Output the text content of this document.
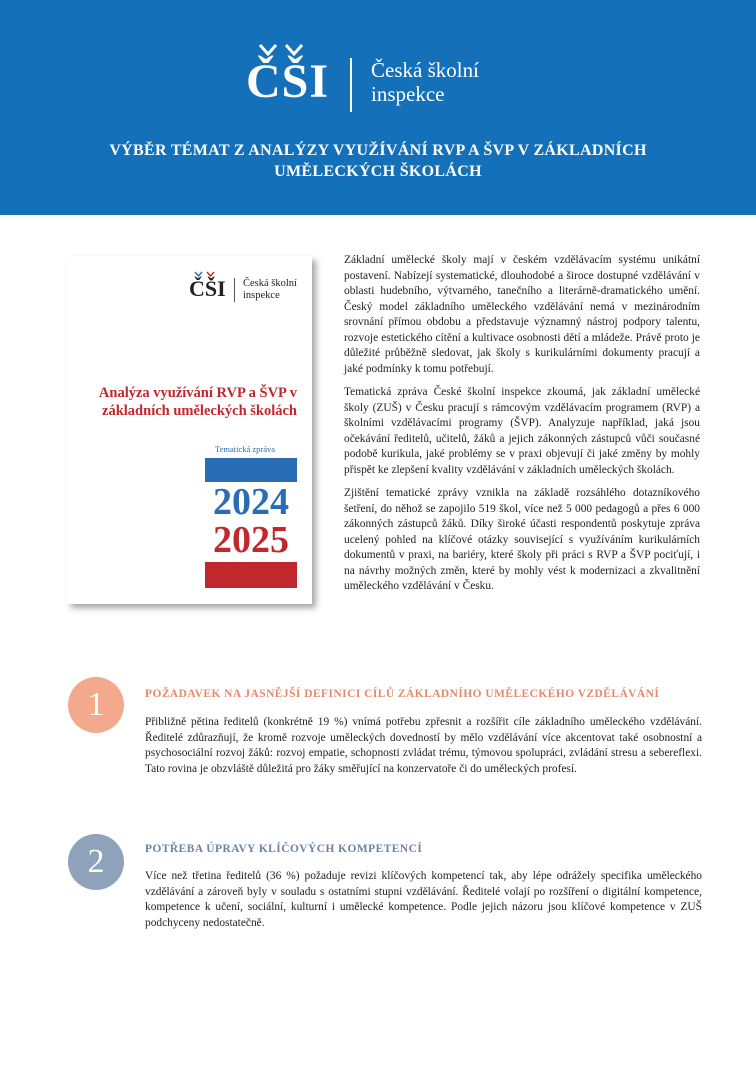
ČŠI Česká školní
inspekce
VÝBĚR TÉMAT Z ANALÝZY VYUŽÍVÁNÍ RVP A ŠVP V ZÁKLADNÍCH UMĚLECKÝCH ŠKOLÁCH
ČŠI Česká školní
inspekce
Analýza využívání RVP a ŠVP v základních uměleckých školách
Tematická zpráva
2024
2025

Základní umělecké školy mají v českém vzdělávacím systému unikátní postavení. Nabízejí systematické, dlouhodobé a široce dostupné vzdělávání v oblasti hudebního, výtvarného, tanečního a literárně-dramatického umění. Český model základního uměleckého vzdělávání nemá v mezinárodním srovnání přímou obdobu a představuje významný nástroj podpory talentu, rozvoje estetického cítění a kultivace osobnosti dětí a mládeže. Právě proto je důležité průběžně sledovat, jak školy s kurikulárními dokumenty pracují a jaké podmínky k tomu potřebují.

Tematická zpráva České školní inspekce zkoumá, jak základní umělecké školy (ZUŠ) v Česku pracují s rámcovým vzdělávacím programem (RVP) a školními vzdělávacími programy (ŠVP). Analyzuje například, jaká jsou očekávání ředitelů, učitelů, žáků a jejich zákonných zástupců vůči současné podobě kurikula, jaké problémy se v praxi objevují či jaké změny by mohly přispět ke zlepšení kvality vzdělávání v základních uměleckých školách.

Zjištění tematické zprávy vznikla na základě rozsáhlého dotazníkového šetření, do něhož se zapojilo 519 škol, více než 5 000 pedagogů a přes 6 000 zákonných zástupců žáků. Díky široké účasti respondentů poskytuje zpráva ucelený pohled na klíčové otázky související s využíváním kurikulárních dokumentů v praxi, na bariéry, které školy při práci s RVP a ŠVP pociťují, i na návrhy možných změn, které by mohly vést k modernizaci a zkvalitnění uměleckého vzdělávání v Česku.

1	POŽADAVEK NA JASNĚJŠÍ DEFINICI CÍLŮ ZÁKLADNÍHO UMĚLECKÉHO VZDĚLÁVÁNÍ
Přibližně pětina ředitelů (konkrétně 19 %) vnímá potřebu zpřesnit a rozšířit cíle základního uměleckého vzdělávání. Ředitelé zdůrazňují, že kromě rozvoje uměleckých dovedností by mělo vzdělávání více akcentovat také osobnostní a psychosociální rozvoj žáků: rozvoj empatie, schopnosti zvládat trému, týmovou spolupráci, zvládání stresu a sebereflexi. Tato rovina je obzvláště důležitá pro žáky směřující na konzervatoře či do uměleckých profesí.
2	POTŘEBA ÚPRAVY KLÍČOVÝCH KOMPETENCÍ
Více než třetina ředitelů (36 %) požaduje revizi klíčových kompetencí tak, aby lépe odrážely specifika uměleckého vzdělávání a zároveň byly v souladu s ostatními stupni vzdělávání. Ředitelé volají po rozšíření o digitální kompetence, kompetence k učení, sociální, kulturní i umělecké kompetence. Podle jejich názoru jsou klíčové kompetence v ZUŠ podchyceny nedostatečně.
